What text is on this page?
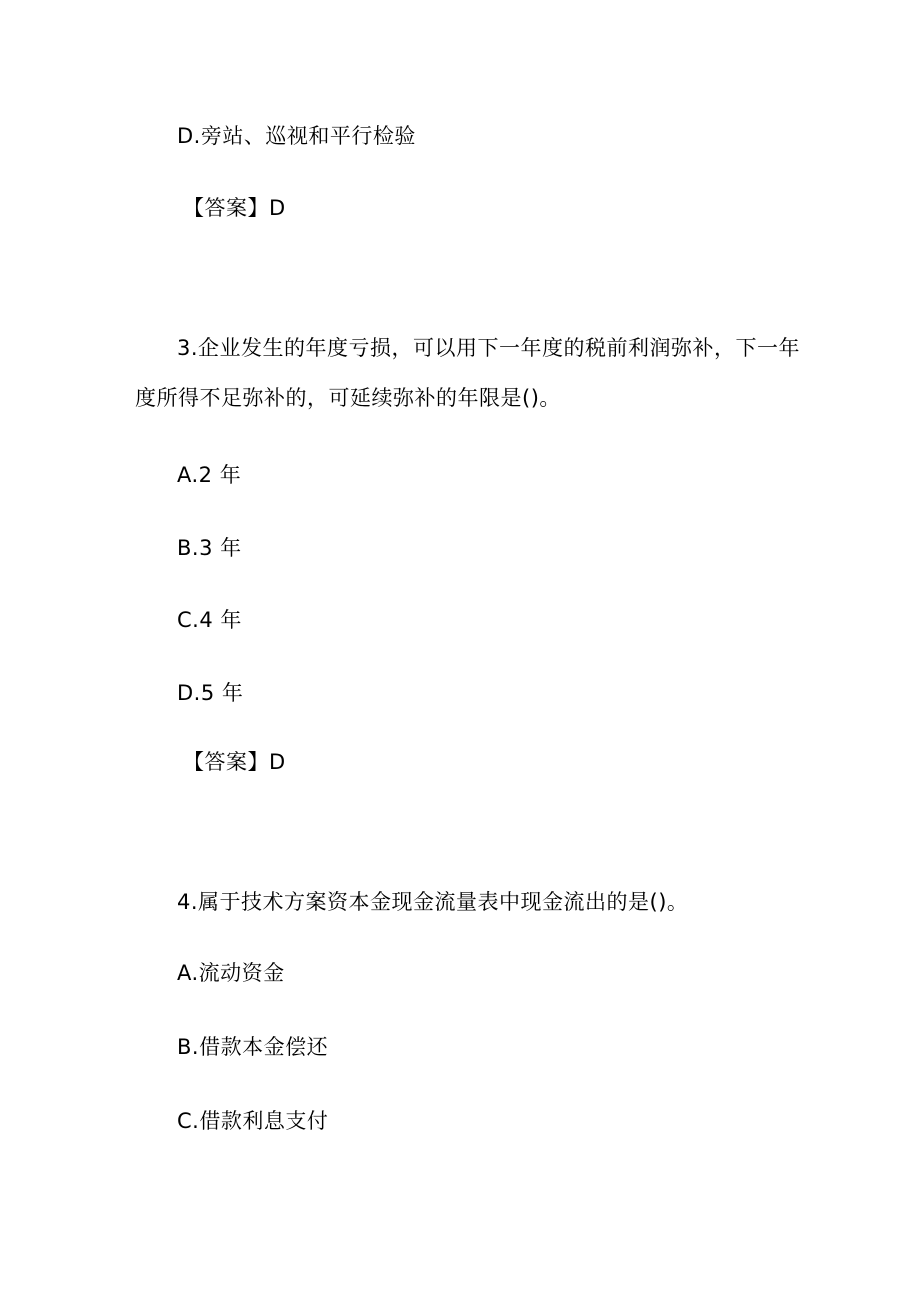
D.旁站、巡视和平行检验
【答案】D
3.企业发生的年度亏损，可以用下一年度的税前利润弥补，下一年
度所得不足弥补的，可延续弥补的年限是()。
A.2 年
B.3 年
C.4 年
D.5 年
【答案】D
4.属于技术方案资本金现金流量表中现金流出的是()。
A.流动资金
B.借款本金偿还
C.借款利息支付
